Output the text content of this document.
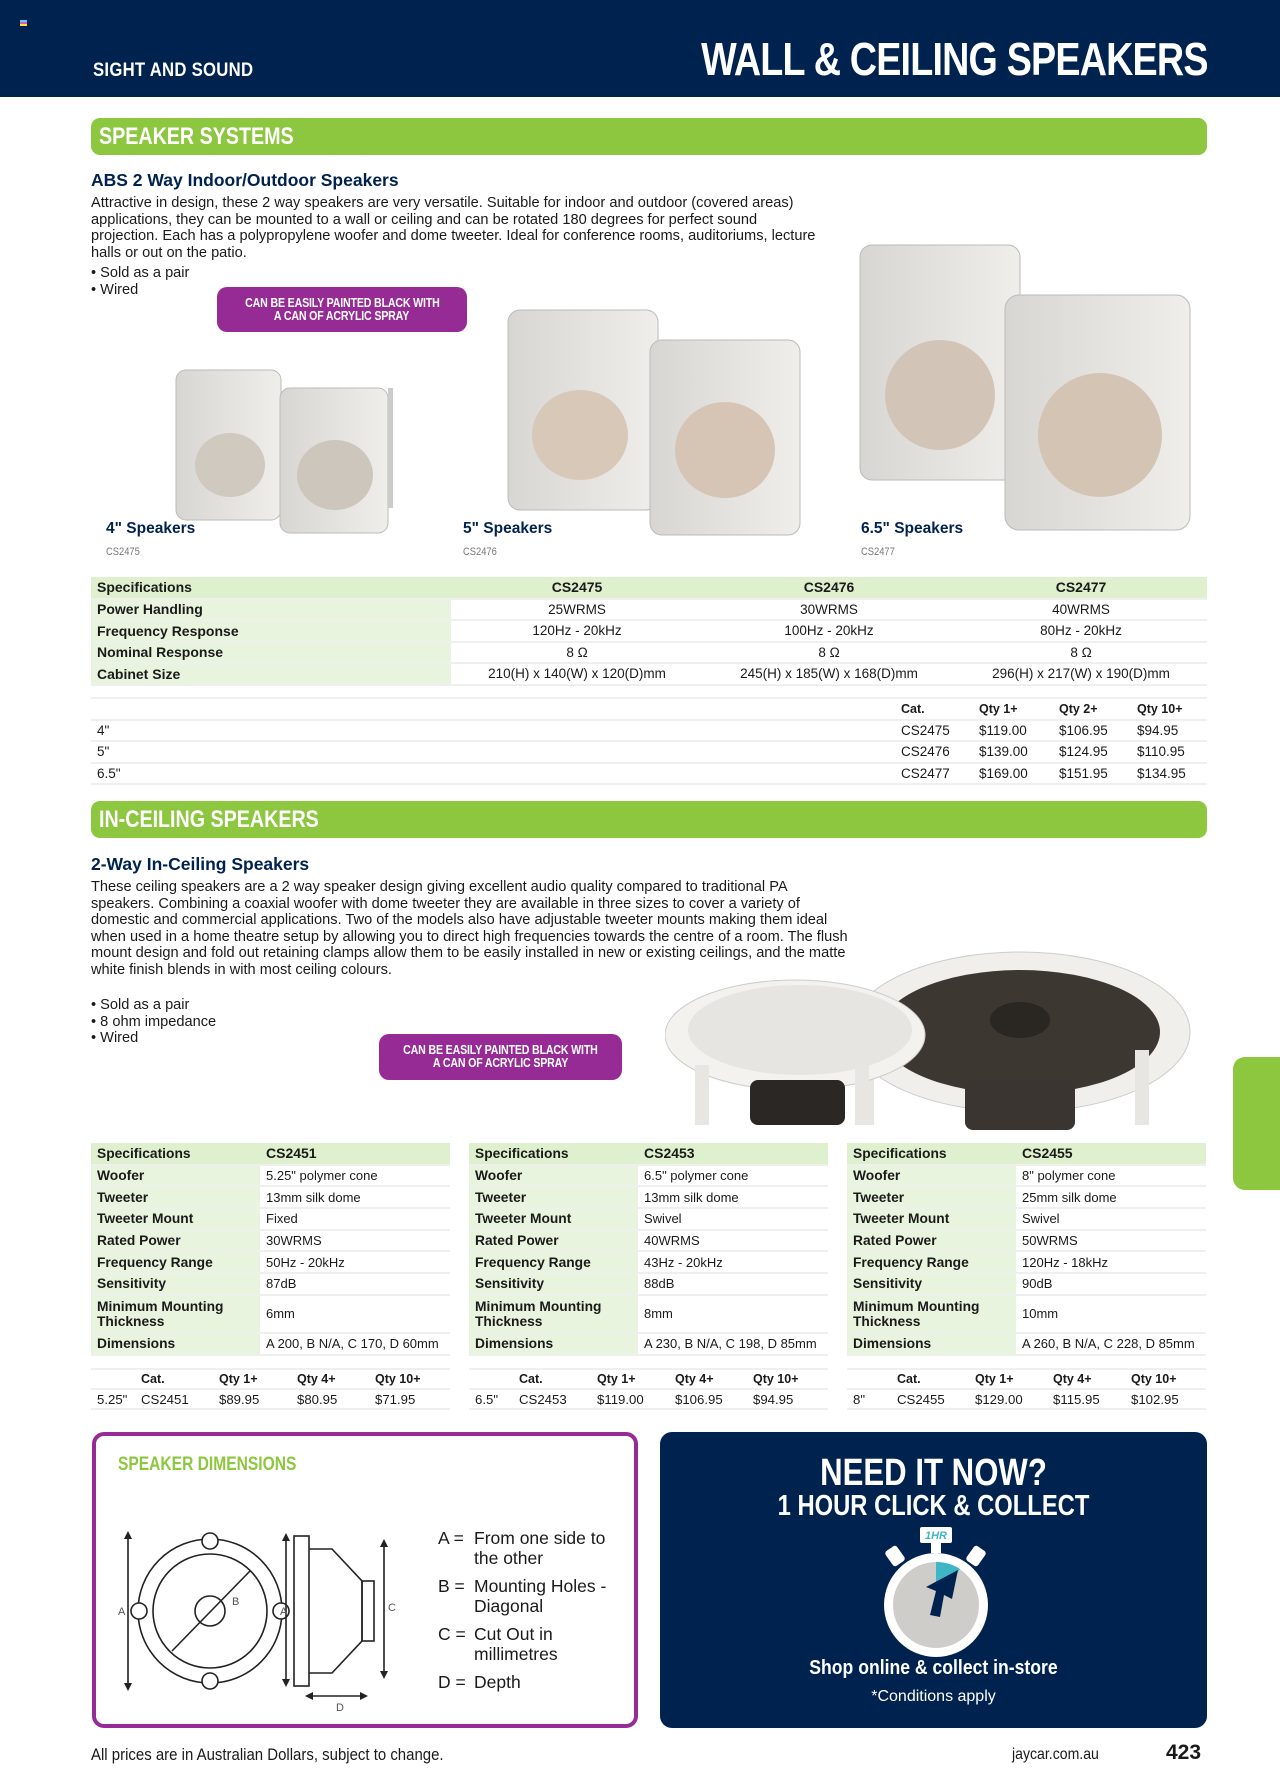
SIGHT AND SOUND	WALL & CEILING SPEAKERS
SPEAKER SYSTEMS
ABS 2 Way Indoor/Outdoor Speakers
Attractive in design, these 2 way speakers are very versatile. Suitable for indoor and outdoor (covered areas) applications, they can be mounted to a wall or ceiling and can be rotated 180 degrees for perfect sound projection. Each has a polypropylene woofer and dome tweeter. Ideal for conference rooms, auditoriums, lecture halls or out on the patio.
• Sold as a pair
• Wired
CAN BE EASILY PAINTED BLACK WITH
A CAN OF ACRYLIC SPRAY
4" Speakers
CS2475
5" Speakers
CS2476
6.5" Speakers
CS2477
Specifications	CS2475	CS2476	CS2477
Power Handling	25WRMS	30WRMS	40WRMS
Frequency Response	120Hz - 20kHz	100Hz - 20kHz	80Hz - 20kHz
Nominal Response	8 Ω	8 Ω	8 Ω
Cabinet Size	210(H) x 140(W) x 120(D)mm	245(H) x 185(W) x 168(D)mm	296(H) x 217(W) x 190(D)mm
	Cat.	Qty 1+	Qty 2+	Qty 10+
4"	CS2475	$119.00	$106.95	$94.95
5"	CS2476	$139.00	$124.95	$110.95
6.5"	CS2477	$169.00	$151.95	$134.95
IN-CEILING SPEAKERS
2-Way In-Ceiling Speakers
These ceiling speakers are a 2 way speaker design giving excellent audio quality compared to traditional PA speakers. Combining a coaxial woofer with dome tweeter they are available in three sizes to cover a variety of domestic and commercial applications. Two of the models also have adjustable tweeter mounts making them ideal when used in a home theatre setup by allowing you to direct high frequencies towards the centre of a room. The flush mount design and fold out retaining clamps allow them to be easily installed in new or existing ceilings, and the matte white finish blends in with most ceiling colours.
• Sold as a pair
• 8 ohm impedance
• Wired
CAN BE EASILY PAINTED BLACK WITH
A CAN OF ACRYLIC SPRAY
Specifications	CS2451
Woofer	5.25" polymer cone
Tweeter	13mm silk dome
Tweeter Mount	Fixed
Rated Power	30WRMS
Frequency Range	50Hz - 20kHz
Sensitivity	87dB
Minimum Mounting Thickness	6mm
Dimensions	A 200, B N/A, C 170, D 60mm
Specifications	CS2453
Woofer	6.5" polymer cone
Tweeter	13mm silk dome
Tweeter Mount	Swivel
Rated Power	40WRMS
Frequency Range	43Hz - 20kHz
Sensitivity	88dB
Minimum Mounting Thickness	8mm
Dimensions	A 230, B N/A, C 198, D 85mm
Specifications	CS2455
Woofer	8" polymer cone
Tweeter	25mm silk dome
Tweeter Mount	Swivel
Rated Power	50WRMS
Frequency Range	120Hz - 18kHz
Sensitivity	90dB
Minimum Mounting Thickness	10mm
Dimensions	A 260, B N/A, C 228, D 85mm
	Cat.	Qty 1+	Qty 4+	Qty 10+
5.25"	CS2451	$89.95	$80.95	$71.95
	Cat.	Qty 1+	Qty 4+	Qty 10+
6.5"	CS2453	$119.00	$106.95	$94.95
	Cat.	Qty 1+	Qty 4+	Qty 10+
8"	CS2455	$129.00	$115.95	$102.95
SPEAKER DIMENSIONS
A
B
A	C
D
A = From one side to the other
B = Mounting Holes - Diagonal
C = Cut Out in millimetres
D = Depth
NEED IT NOW?
1 HOUR CLICK & COLLECT
1HR
Shop online & collect in-store
*Conditions apply
All prices are in Australian Dollars, subject to change.	jaycar.com.au	423
